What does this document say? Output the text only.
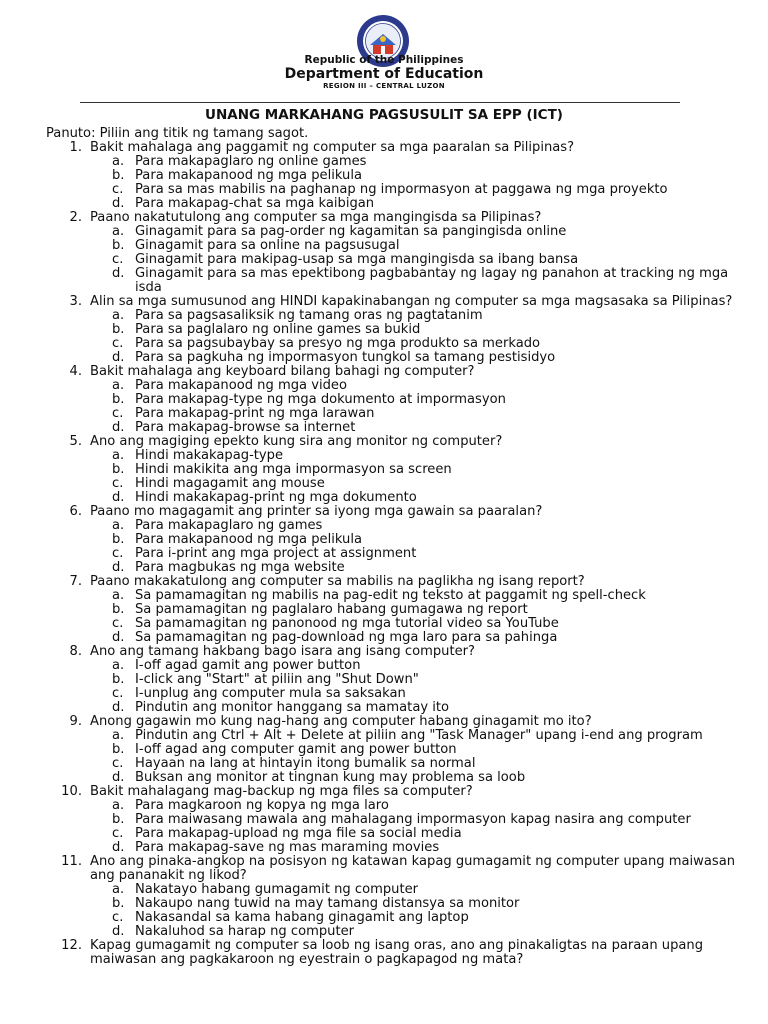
Republic of the Philippines
Department of Education
REGION III – CENTRAL LUZON
UNANG MARKAHANG PAGSUSULIT SA EPP (ICT)

Panuto: Piliin ang titik ng tamang sagot.

1. Bakit mahalaga ang paggamit ng computer sa mga paaralan sa Pilipinas?
a. Para makapaglaro ng online games
b. Para makapanood ng mga pelikula
c. Para sa mas mabilis na paghanap ng impormasyon at paggawa ng mga proyekto
d. Para makapag-chat sa mga kaibigan
2. Paano nakatutulong ang computer sa mga mangingisda sa Pilipinas?
a. Ginagamit para sa pag-order ng kagamitan sa pangingisda online
b. Ginagamit para sa online na pagsusugal
c. Ginagamit para makipag-usap sa mga mangingisda sa ibang bansa
d. Ginagamit para sa mas epektibong pagbabantay ng lagay ng panahon at tracking ng mga isda
3. Alin sa mga sumusunod ang HINDI kapakinabangan ng computer sa mga magsasaka sa Pilipinas?
a. Para sa pagsasaliksik ng tamang oras ng pagtatanim
b. Para sa paglalaro ng online games sa bukid
c. Para sa pagsubaybay sa presyo ng mga produkto sa merkado
d. Para sa pagkuha ng impormasyon tungkol sa tamang pestisidyo
4. Bakit mahalaga ang keyboard bilang bahagi ng computer?
a. Para makapanood ng mga video
b. Para makapag-type ng mga dokumento at impormasyon
c. Para makapag-print ng mga larawan
d. Para makapag-browse sa internet
5. Ano ang magiging epekto kung sira ang monitor ng computer?
a. Hindi makakapag-type
b. Hindi makikita ang mga impormasyon sa screen
c. Hindi magagamit ang mouse
d. Hindi makakapag-print ng mga dokumento
6. Paano mo magagamit ang printer sa iyong mga gawain sa paaralan?
a. Para makapaglaro ng games
b. Para makapanood ng mga pelikula
c. Para i-print ang mga project at assignment
d. Para magbukas ng mga website
7. Paano makakatulong ang computer sa mabilis na paglikha ng isang report?
a. Sa pamamagitan ng mabilis na pag-edit ng teksto at paggamit ng spell-check
b. Sa pamamagitan ng paglalaro habang gumagawa ng report
c. Sa pamamagitan ng panonood ng mga tutorial video sa YouTube
d. Sa pamamagitan ng pag-download ng mga laro para sa pahinga
8. Ano ang tamang hakbang bago isara ang isang computer?
a. I-off agad gamit ang power button
b. I-click ang "Start" at piliin ang "Shut Down"
c. I-unplug ang computer mula sa saksakan
d. Pindutin ang monitor hanggang sa mamatay ito
9. Anong gagawin mo kung nag-hang ang computer habang ginagamit mo ito?
a. Pindutin ang Ctrl + Alt + Delete at piliin ang "Task Manager" upang i-end ang program
b. I-off agad ang computer gamit ang power button
c. Hayaan na lang at hintayin itong bumalik sa normal
d. Buksan ang monitor at tingnan kung may problema sa loob
10. Bakit mahalagang mag-backup ng mga files sa computer?
a. Para magkaroon ng kopya ng mga laro
b. Para maiwasang mawala ang mahalagang impormasyon kapag nasira ang computer
c. Para makapag-upload ng mga file sa social media
d. Para makapag-save ng mas maraming movies
11. Ano ang pinaka-angkop na posisyon ng katawan kapag gumagamit ng computer upang maiwasan ang pananakit ng likod?
a. Nakatayo habang gumagamit ng computer
b. Nakaupo nang tuwid na may tamang distansya sa monitor
c. Nakasandal sa kama habang ginagamit ang laptop
d. Nakaluhod sa harap ng computer
12. Kapag gumagamit ng computer sa loob ng isang oras, ano ang pinakaligtas na paraan upang maiwasan ang pagkakaroon ng eyestrain o pagkapagod ng mata?
